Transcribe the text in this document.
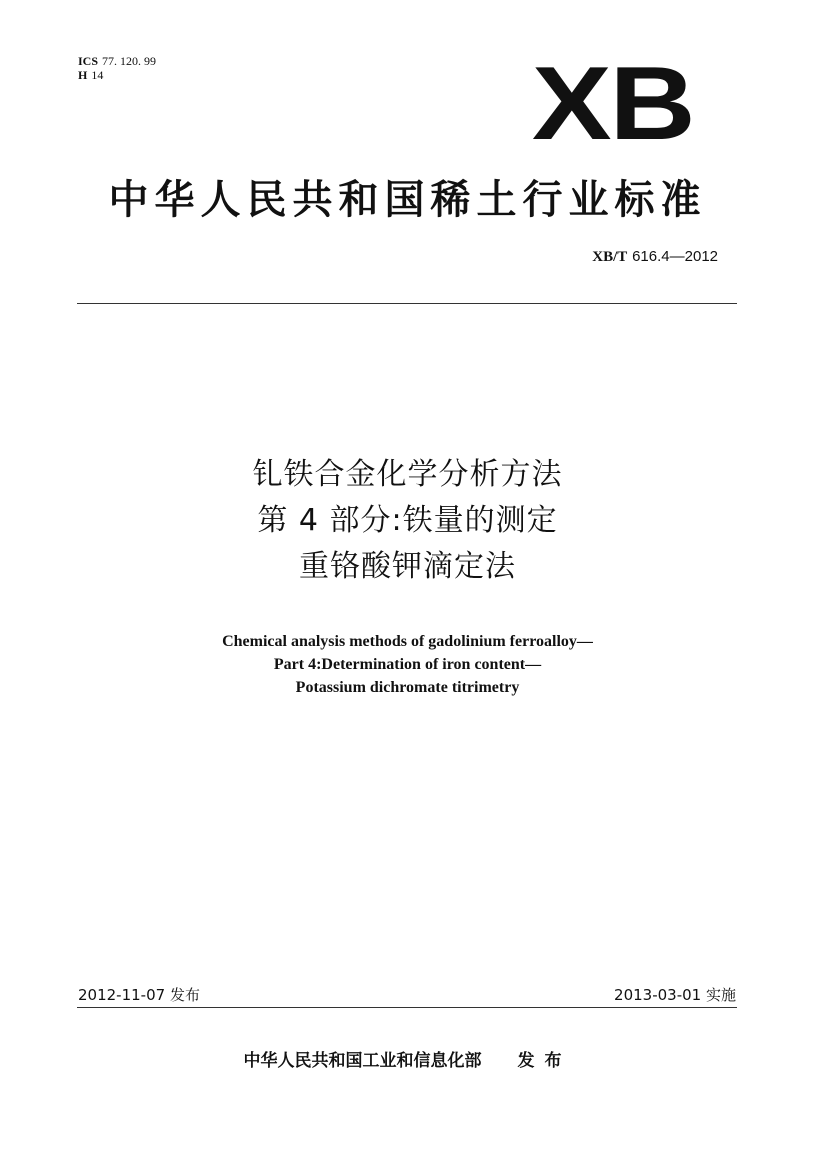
ICS 77. 120. 99
H 14	XB
中华人民共和国稀土行业标准
XB/T 616.4—2012
钆铁合金化学分析方法
第 4 部分:铁量的测定
重铬酸钾滴定法
Chemical analysis methods of gadolinium ferroalloy—
Part 4:Determination of iron content—
Potassium dichromate titrimetry
2012-11-07 发布	2013-03-01 实施
中华人民共和国工业和信息化部 发布
